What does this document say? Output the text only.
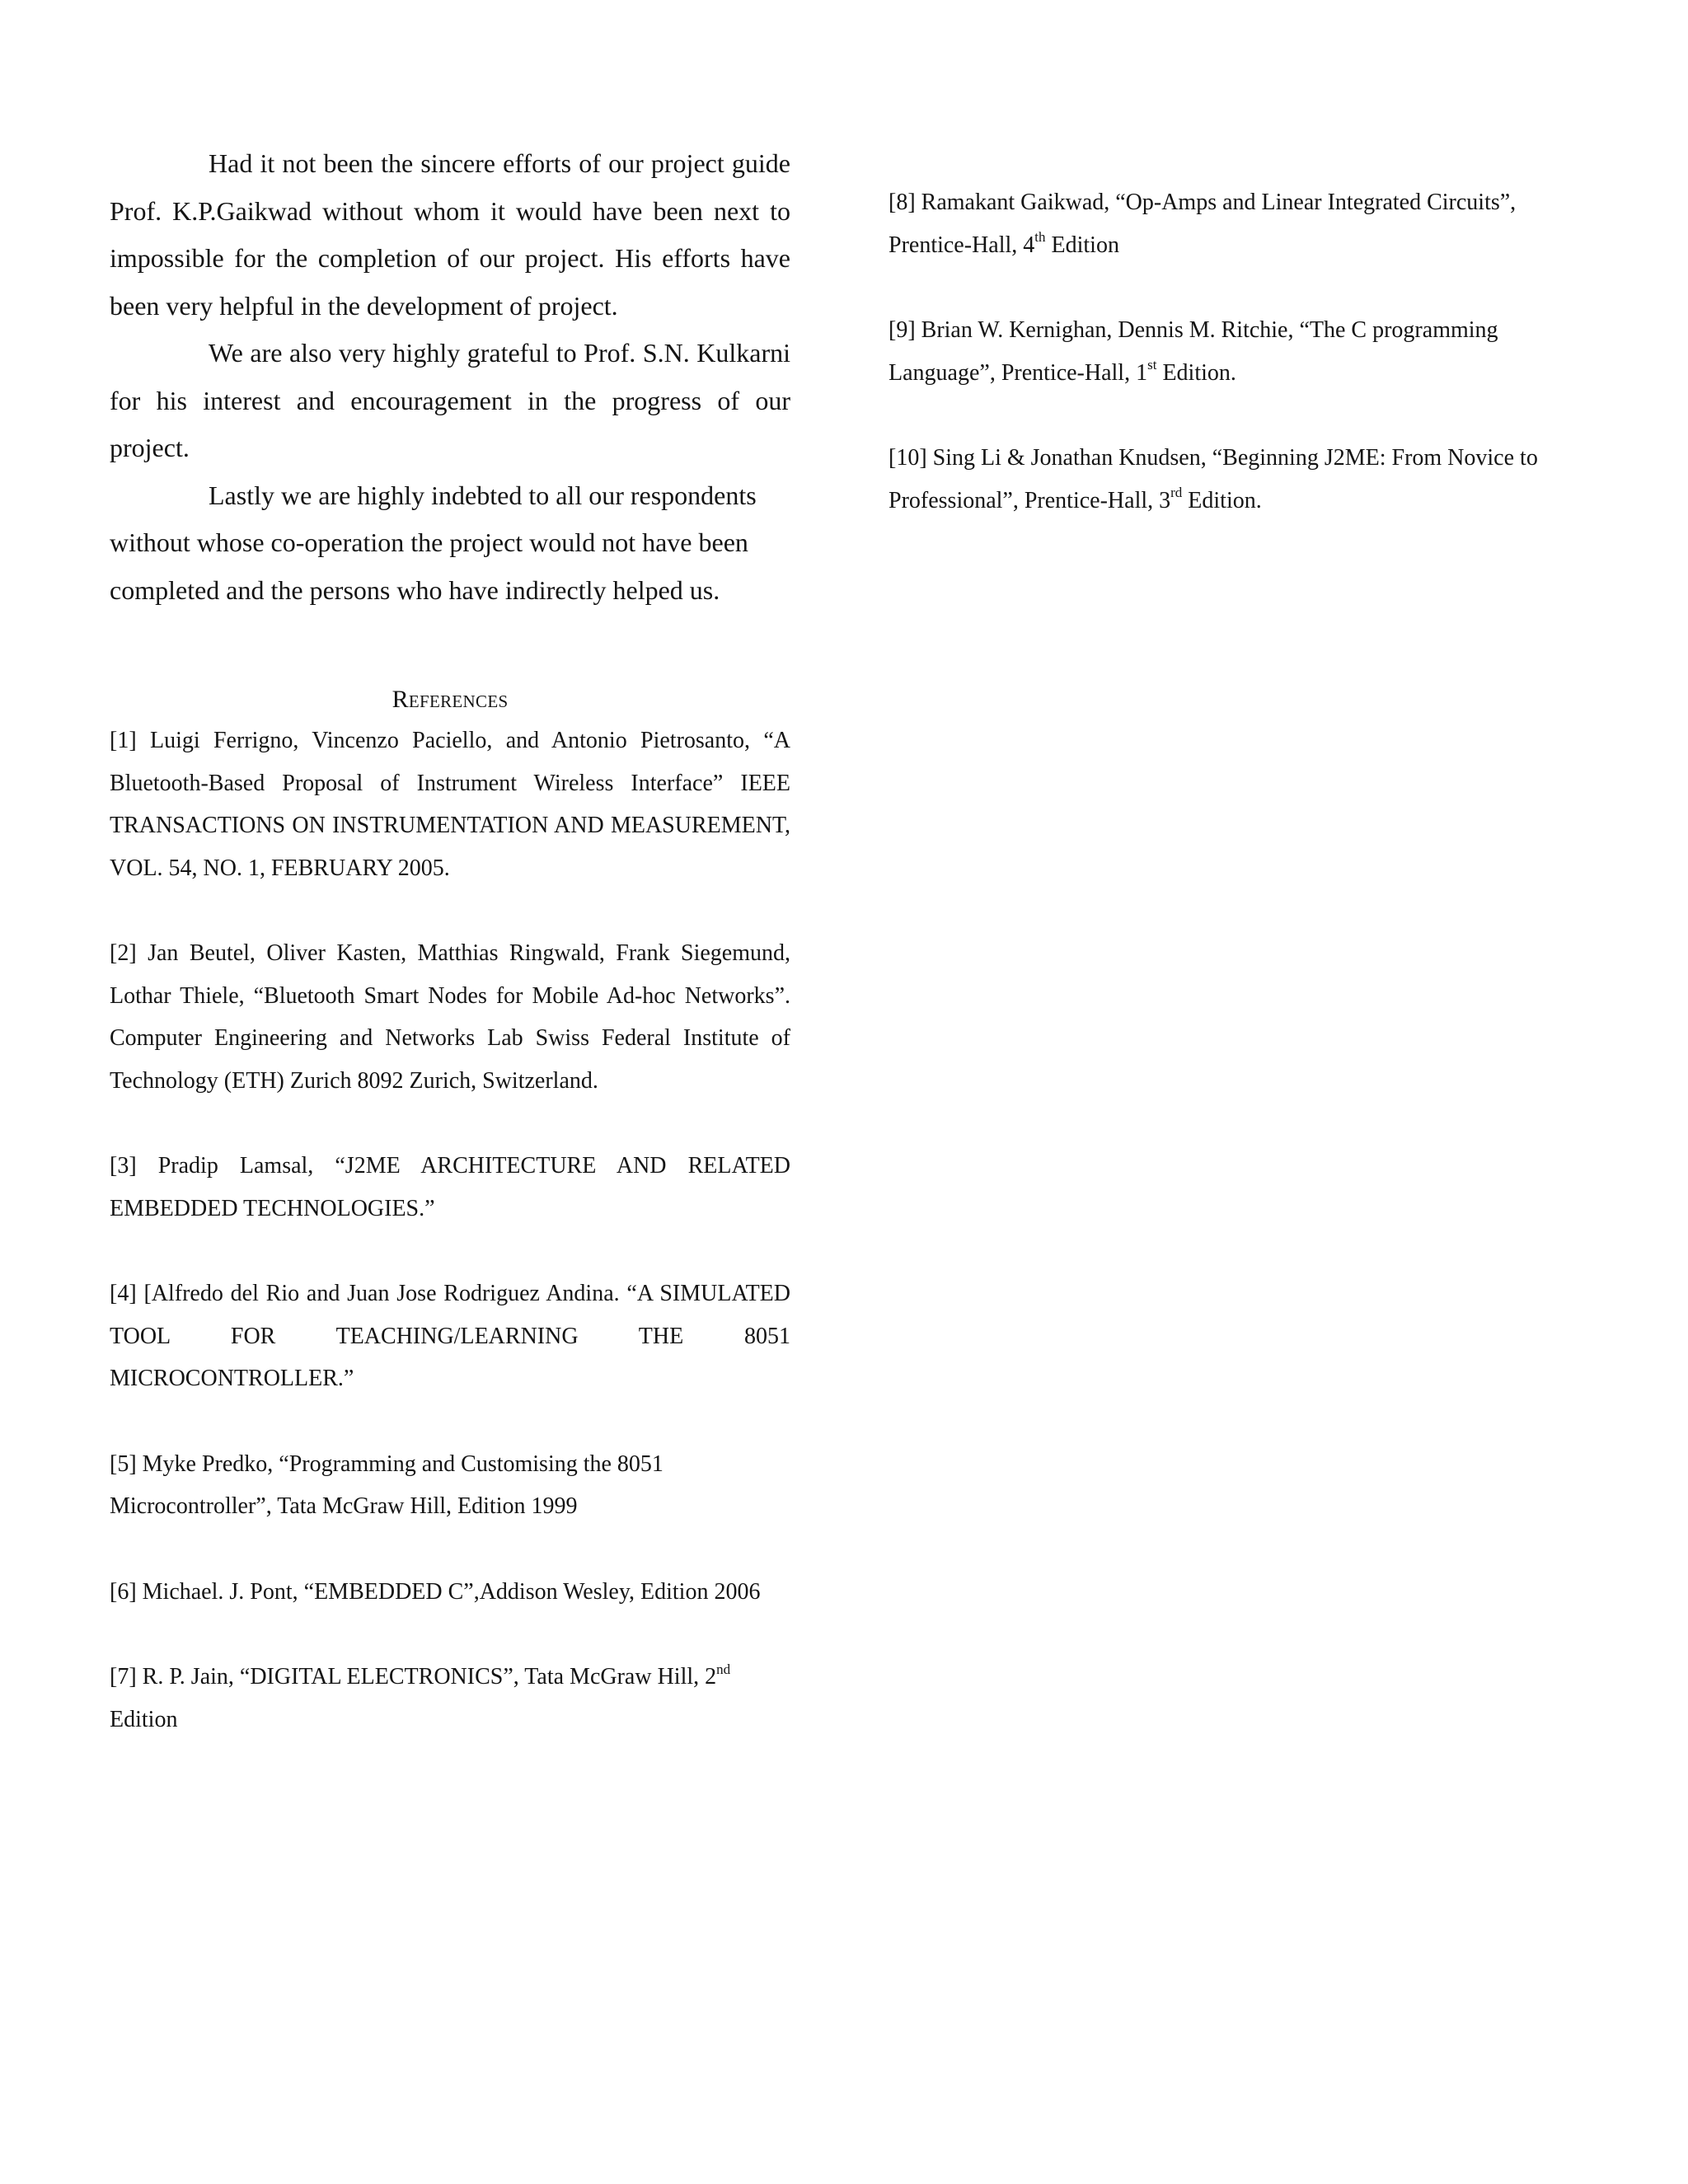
Had it not been the sincere efforts of our project guide Prof. K.P.Gaikwad without whom it would have been next to impossible for the completion of our project. His efforts have been very helpful in the development of project.

We are also very highly grateful to Prof. S.N. Kulkarni for his interest and encouragement in the progress of our project.

Lastly we are highly indebted to all our respondents without whose co-operation the project would not have been completed and the persons who have indirectly helped us.

References
[1] Luigi Ferrigno, Vincenzo Paciello, and Antonio Pietrosanto, “A Bluetooth-Based Proposal of Instrument Wireless Interface” IEEE TRANSACTIONS ON INSTRUMENTATION AND MEASUREMENT, VOL. 54, NO. 1, FEBRUARY 2005.
[2] Jan Beutel, Oliver Kasten, Matthias Ringwald, Frank Siegemund, Lothar Thiele, “Bluetooth Smart Nodes for Mobile Ad-hoc Networks”. Computer Engineering and Networks Lab Swiss Federal Institute of Technology (ETH) Zurich 8092 Zurich, Switzerland.
[3] Pradip Lamsal, “J2ME ARCHITECTURE AND RELATED EMBEDDED TECHNOLOGIES.”
[4] [Alfredo del Rio and Juan Jose Rodriguez Andina. “A SIMULATED TOOL FOR TEACHING/LEARNING THE 8051 MICROCONTROLLER.”
[5] Myke Predko, “Programming and Customising the 8051 Microcontroller”, Tata McGraw Hill, Edition 1999
[6] Michael. J. Pont, “EMBEDDED C”,Addison Wesley, Edition 2006
[7] R. P. Jain, “DIGITAL ELECTRONICS”, Tata McGraw Hill, 2nd Edition
[8] Ramakant Gaikwad, “Op-Amps and Linear Integrated Circuits”, Prentice-Hall, 4th Edition
[9] Brian W. Kernighan, Dennis M. Ritchie, “The C programming Language”, Prentice-Hall, 1st Edition.
[10] Sing Li & Jonathan Knudsen, “Beginning J2ME: From Novice to Professional”, Prentice-Hall, 3rd Edition.
